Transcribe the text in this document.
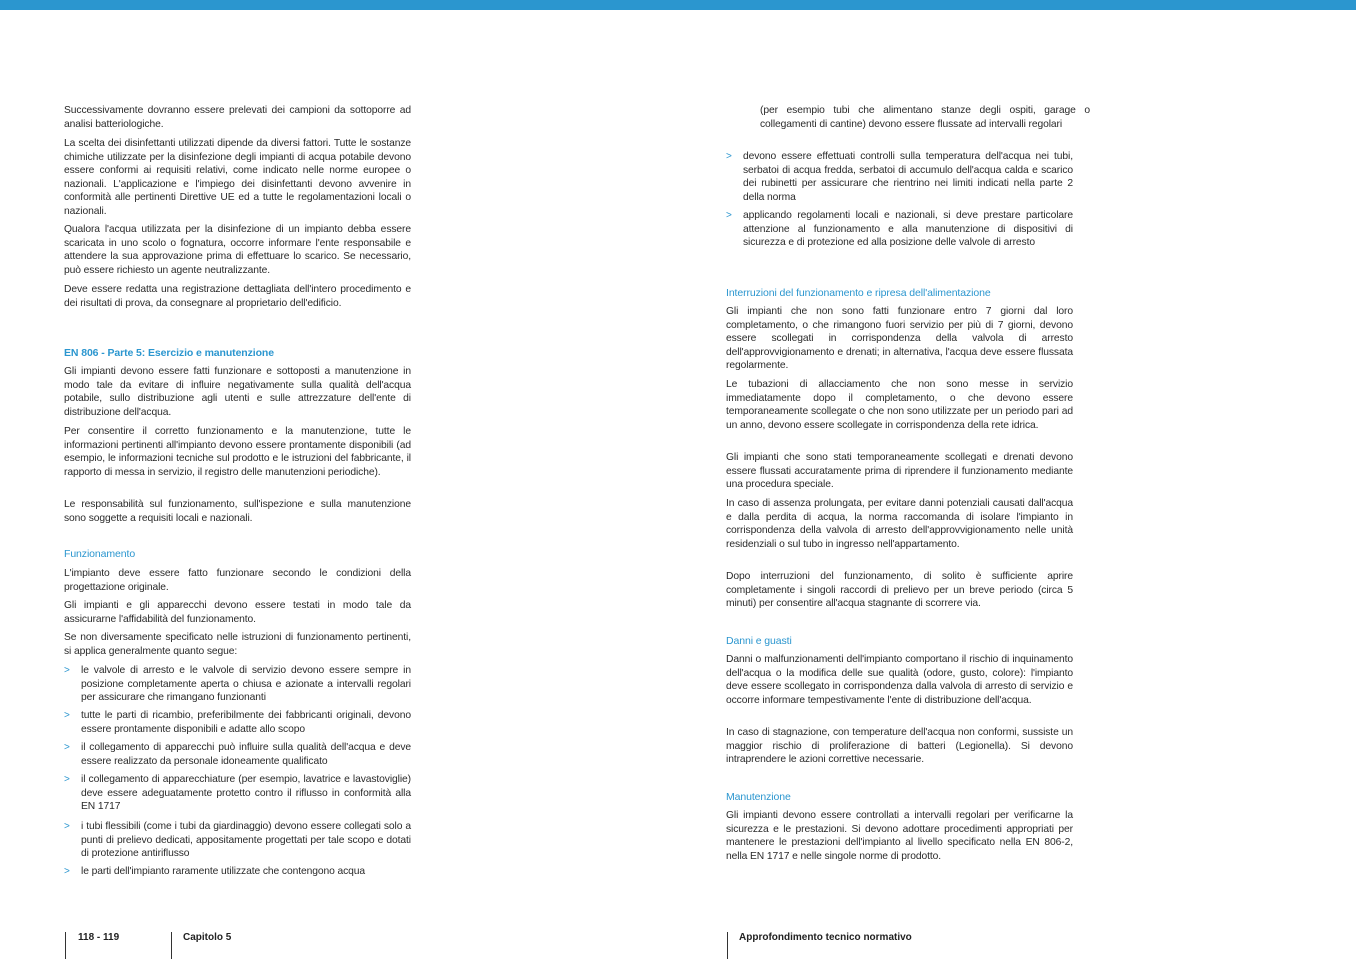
Successivamente dovranno essere prelevati dei campioni da sottoporre ad analisi batteriologiche.

La scelta dei disinfettanti utilizzati dipende da diversi fattori. Tutte le sostanze chimiche utilizzate per la disinfezione degli impianti di acqua potabile devono essere conformi ai requisiti relativi, come indicato nelle norme europee o nazionali. L'applicazione e l'impiego dei disinfettanti devono avvenire in conformità alle pertinenti Direttive UE ed a tutte le regolamentazioni locali o nazionali.

Qualora l'acqua utilizzata per la disinfezione di un impianto debba essere scaricata in uno scolo o fognatura, occorre informare l'ente responsabile e attendere la sua approvazione prima di effettuare lo scarico. Se necessario, può essere richiesto un agente neutralizzante.

Deve essere redatta una registrazione dettagliata dell'intero procedimento e dei risultati di prova, da consegnare al proprietario dell'edificio.

EN 806 - Parte 5: Esercizio e manutenzione

Gli impianti devono essere fatti funzionare e sottoposti a manutenzione in modo tale da evitare di influire negativamente sulla qualità dell'acqua potabile, sullo distribuzione agli utenti e sulle attrezzature dell'ente di distribuzione dell'acqua.

Per consentire il corretto funzionamento e la manutenzione, tutte le informazioni pertinenti all'impianto devono essere prontamente disponibili (ad esempio, le informazioni tecniche sul prodotto e le istruzioni del fabbricante, il rapporto di messa in servizio, il registro delle manutenzioni periodiche).

Le responsabilità sul funzionamento, sull'ispezione e sulla manutenzione sono soggette a requisiti locali e nazionali.

Funzionamento

L'impianto deve essere fatto funzionare secondo le condizioni della progettazione originale.

Gli impianti e gli apparecchi devono essere testati in modo tale da assicurarne l'affidabilità del funzionamento.

Se non diversamente specificato nelle istruzioni di funzionamento pertinenti, si applica generalmente quanto segue:

> le valvole di arresto e le valvole di servizio devono essere sempre in posizione completamente aperta o chiusa e azionate a intervalli regolari per assicurare che rimangano funzionanti
> tutte le parti di ricambio, preferibilmente dei fabbricanti originali, devono essere prontamente disponibili e adatte allo scopo
> il collegamento di apparecchi può influire sulla qualità dell'acqua e deve essere realizzato da personale idoneamente qualificato
> il collegamento di apparecchiature (per esempio, lavatrice e lavastoviglie) deve essere adeguatamente protetto contro il riflusso in conformità alla EN 1717
> i tubi flessibili (come i tubi da giardinaggio) devono essere collegati solo a punti di prelievo dedicati, appositamente progettati per tale scopo e dotati di protezione antiriflusso
> le parti dell'impianto raramente utilizzate che contengono acqua

(per esempio tubi che alimentano stanze degli ospiti, garage o collegamenti di cantine) devono essere flussate ad intervalli regolari

> devono essere effettuati controlli sulla temperatura dell'acqua nei tubi, serbatoi di acqua fredda, serbatoi di accumulo dell'acqua calda e scarico dei rubinetti per assicurare che rientrino nei limiti indicati nella parte 2 della norma
> applicando regolamenti locali e nazionali, si deve prestare particolare attenzione al funzionamento e alla manutenzione di dispositivi di sicurezza e di protezione ed alla posizione delle valvole di arresto
Interruzioni del funzionamento e ripresa dell'alimentazione

Gli impianti che non sono fatti funzionare entro 7 giorni dal loro completamento, o che rimangono fuori servizio per più di 7 giorni, devono essere scollegati in corrispondenza della valvola di arresto dell'approvvigionamento e drenati; in alternativa, l'acqua deve essere flussata regolarmente.

Le tubazioni di allacciamento che non sono messe in servizio immediatamente dopo il completamento, o che devono essere temporaneamente scollegate o che non sono utilizzate per un periodo pari ad un anno, devono essere scollegate in corrispondenza della rete idrica.

Gli impianti che sono stati temporaneamente scollegati e drenati devono essere flussati accuratamente prima di riprendere il funzionamento mediante una procedura speciale.

In caso di assenza prolungata, per evitare danni potenziali causati dall'acqua e dalla perdita di acqua, la norma raccomanda di isolare l'impianto in corrispondenza della valvola di arresto dell'approvvigionamento nelle unità residenziali o sul tubo in ingresso nell'appartamento.

Dopo interruzioni del funzionamento, di solito è sufficiente aprire completamente i singoli raccordi di prelievo per un breve periodo (circa 5 minuti) per consentire all'acqua stagnante di scorrere via.

Danni e guasti

Danni o malfunzionamenti dell'impianto comportano il rischio di inquinamento dell'acqua o la modifica delle sue qualità (odore, gusto, colore): l'impianto deve essere scollegato in corrispondenza dalla valvola di arresto di servizio e occorre informare tempestivamente l'ente di distribuzione dell'acqua.

In caso di stagnazione, con temperature dell'acqua non conformi, sussiste un maggior rischio di proliferazione di batteri (Legionella). Si devono intraprendere le azioni correttive necessarie.

Manutenzione

Gli impianti devono essere controllati a intervalli regolari per verificarne la sicurezza e le prestazioni. Si devono adottare procedimenti appropriati per mantenere le prestazioni dell'impianto al livello specificato nella EN 806-2, nella EN 1717 e nelle singole norme di prodotto.

118 - 119	Capitolo 5	Approfondimento tecnico normativo
